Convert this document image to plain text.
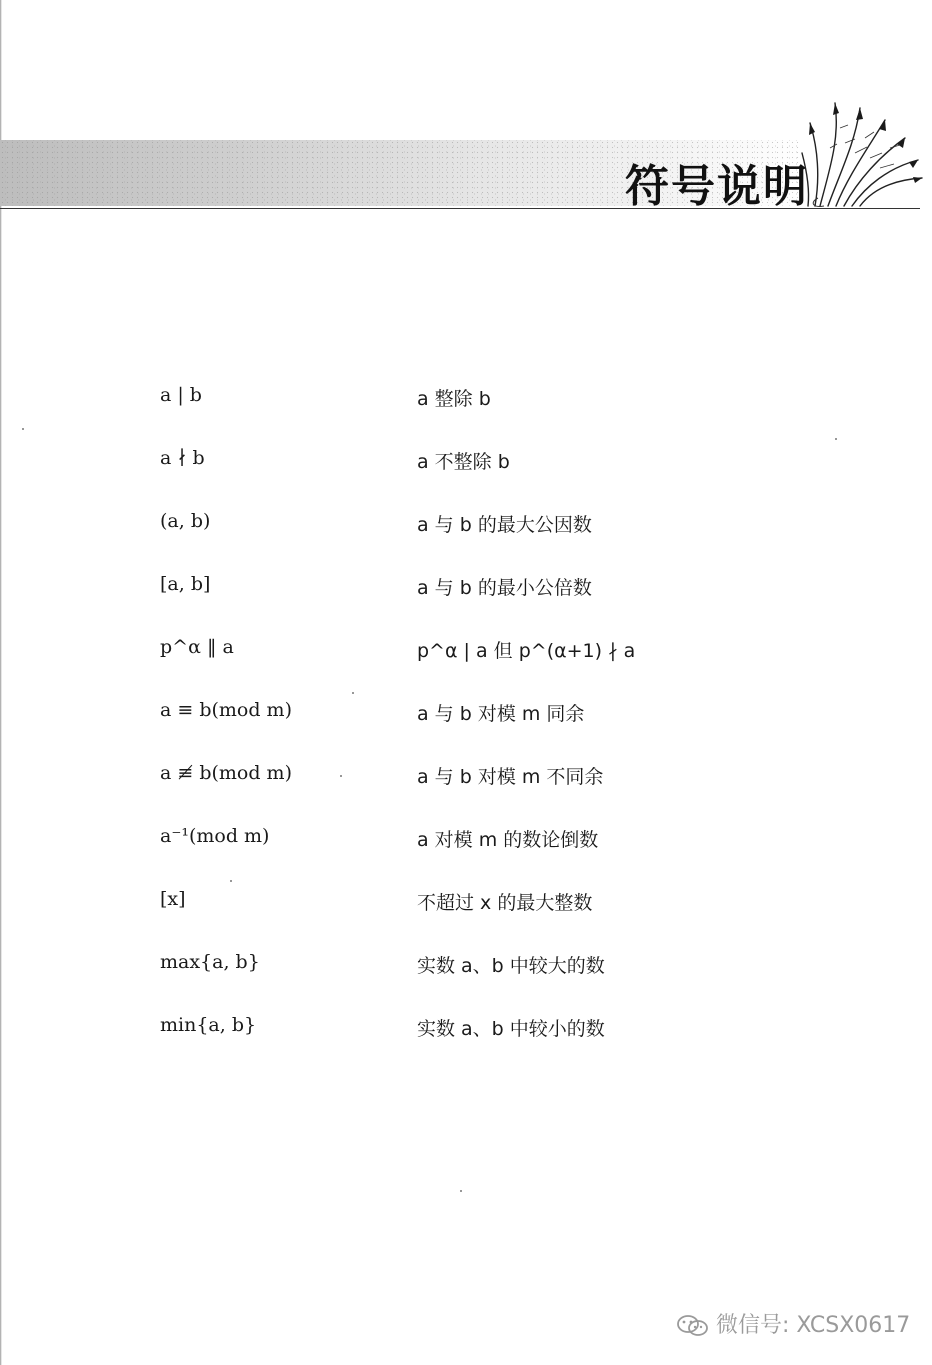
符号说明
a | b	a 整除 b
a ∤ b	a 不整除 b
(a, b)	a 与 b 的最大公因数
[a, b]	a 与 b 的最小公倍数
p^α ‖ a	p^α | a 但 p^(α+1) ∤ a
a ≡ b(mod m)	a 与 b 对模 m 同余
a ≢ b(mod m)	a 与 b 对模 m 不同余
a⁻¹(mod m)	a 对模 m 的数论倒数
[x]	不超过 x 的最大整数
max{a, b}	实数 a、b 中较大的数
min{a, b}	实数 a、b 中较小的数
微信号: XCSX0617
